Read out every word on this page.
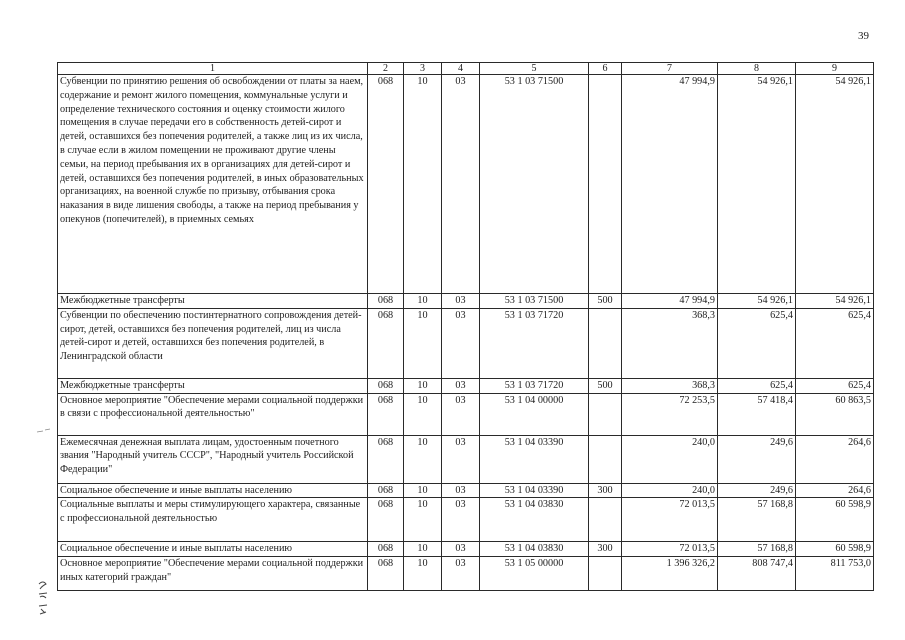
39
1	2	3	4	5	6	7	8	9
Субвенции по принятию решения об освобождении от платы за наем, содержание и ремонт жилого помещения, коммунальные услуги и определение технического состояния и оценку стоимости жилого помещения в случае передачи его в собственность детей-сирот и детей, оставшихся без попечения родителей, а также лиц из их числа, в случае если в жилом помещении не проживают другие члены семьи, на период пребывания их в организациях для детей-сирот и детей, оставшихся без попечения родителей, в иных образовательных организациях, на военной службе по призыву, отбывания срока наказания в виде лишения свободы, а также на период пребывания у опекунов (попечителей), в приемных семьях	068	10	03	53 1 03 71500		47 994,9	54 926,1	54 926,1
Межбюджетные трансферты	068	10	03	53 1 03 71500	500	47 994,9	54 926,1	54 926,1
Субвенции по обеспечению постинтернатного сопровождения детей-сирот, детей, оставшихся без попечения родителей, лиц из числа детей-сирот и детей, оставшихся без попечения родителей, в Ленинградской области	068	10	03	53 1 03 71720		368,3	625,4	625,4
Межбюджетные трансферты	068	10	03	53 1 03 71720	500	368,3	625,4	625,4
Основное мероприятие "Обеспечение мерами социальной поддержки в связи с профессиональной деятельностью"	068	10	03	53 1 04 00000		72 253,5	57 418,4	60 863,5
Ежемесячная денежная выплата лицам, удостоенным почетного звания "Народный учитель СССР", "Народный учитель Российской Федерации"	068	10	03	53 1 04 03390		240,0	249,6	264,6
Социальное обеспечение и иные выплаты населению	068	10	03	53 1 04 03390	300	240,0	249,6	264,6
Социальные выплаты и меры стимулирующего характера, связанные с профессиональной деятельностью	068	10	03	53 1 04 03830		72 013,5	57 168,8	60 598,9
Социальное обеспечение и иные выплаты населению	068	10	03	53 1 04 03830	300	72 013,5	57 168,8	60 598,9
Основное мероприятие "Обеспечение мерами социальной поддержки иных категорий граждан"	068	10	03	53 1 05 00000		1 396 326,2	808 747,4	811 753,0
